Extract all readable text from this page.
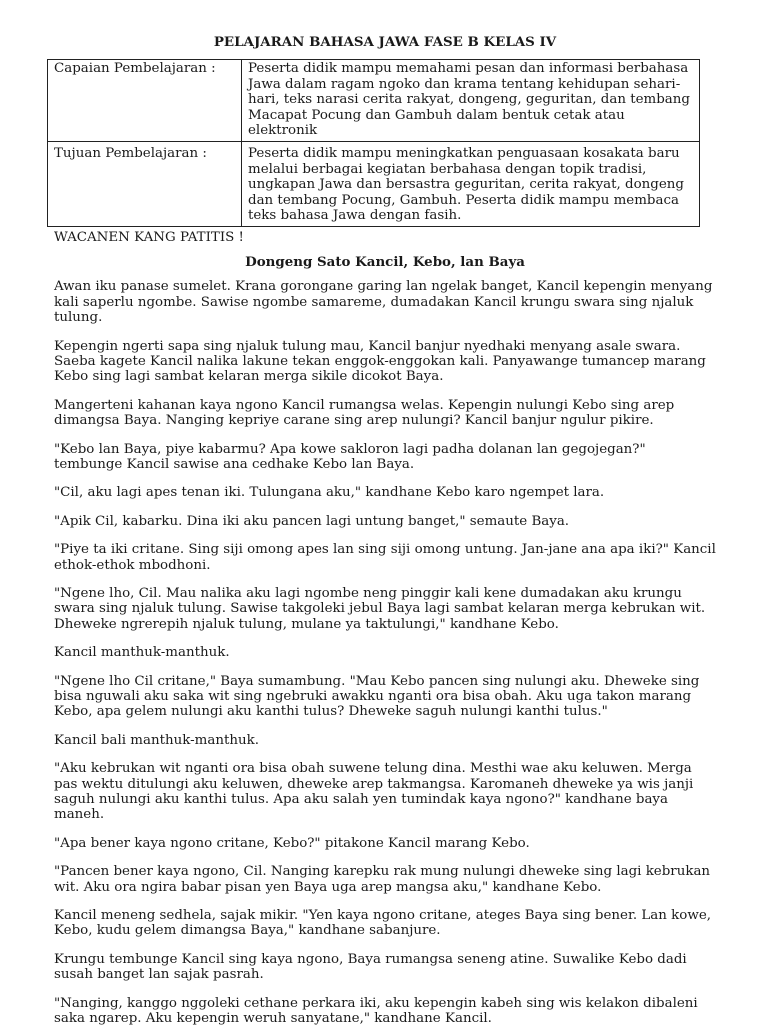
PELAJARAN BAHASA JAWA FASE B KELAS IV
Capaian Pembelajaran :	Peserta didik mampu memahami pesan dan informasi berbahasa Jawa dalam ragam ngoko dan krama tentang kehidupan sehari-hari, teks narasi cerita rakyat, dongeng, geguritan, dan tembang Macapat Pocung dan Gambuh dalam bentuk cetak atau elektronik
Tujuan Pembelajaran :	Peserta didik mampu meningkatkan penguasaan kosakata baru melalui berbagai kegiatan berbahasa dengan topik tradisi, ungkapan Jawa dan bersastra geguritan, cerita rakyat, dongeng dan tembang Pocung, Gambuh. Peserta didik mampu membaca teks bahasa Jawa dengan fasih.
WACANEN KANG PATITIS !
Dongeng Sato Kancil, Kebo, lan Baya

Awan iku panase sumelet. Krana gorongane garing lan ngelak banget, Kancil kepengin menyang kali saperlu ngombe. Sawise ngombe samareme, dumadakan Kancil krungu swara sing njaluk tulung.

Kepengin ngerti sapa sing njaluk tulung mau, Kancil banjur nyedhaki menyang asale swara. Saeba kagete Kancil nalika lakune tekan enggok-enggokan kali. Panyawange tumancep marang Kebo sing lagi sambat kelaran merga sikile dicokot Baya.

Mangerteni kahanan kaya ngono Kancil rumangsa welas. Kepengin nulungi Kebo sing arep dimangsa Baya. Nanging kepriye carane sing arep nulungi? Kancil banjur ngulur pikire.

"Kebo lan Baya, piye kabarmu? Apa kowe sakloron lagi padha dolanan lan gegojegan?" tembunge Kancil sawise ana cedhake Kebo lan Baya.

"Cil, aku lagi apes tenan iki. Tulungana aku," kandhane Kebo karo ngempet lara.

"Apik Cil, kabarku. Dina iki aku pancen lagi untung banget," semaute Baya.

"Piye ta iki critane. Sing siji omong apes lan sing siji omong untung. Jan-jane ana apa iki?" Kancil ethok-ethok mbodhoni.

"Ngene lho, Cil. Mau nalika aku lagi ngombe neng pinggir kali kene dumadakan aku krungu swara sing njaluk tulung. Sawise takgoleki jebul Baya lagi sambat kelaran merga kebrukan wit. Dheweke ngrerepih njaluk tulung, mulane ya taktulungi," kandhane Kebo.

Kancil manthuk-manthuk.

"Ngene lho Cil critane," Baya sumambung. "Mau Kebo pancen sing nulungi aku. Dheweke sing bisa nguwali aku saka wit sing ngebruki awakku nganti ora bisa obah. Aku uga takon marang Kebo, apa gelem nulungi aku kanthi tulus? Dheweke saguh nulungi kanthi tulus."

Kancil bali manthuk-manthuk.

"Aku kebrukan wit nganti ora bisa obah suwene telung dina. Mesthi wae aku keluwen. Merga pas wektu ditulungi aku keluwen, dheweke arep takmangsa. Karomaneh dheweke ya wis janji saguh nulungi aku kanthi tulus. Apa aku salah yen tumindak kaya ngono?" kandhane baya maneh.

"Apa bener kaya ngono critane, Kebo?" pitakone Kancil marang Kebo.

"Pancen bener kaya ngono, Cil. Nanging karepku rak mung nulungi dheweke sing lagi kebrukan wit. Aku ora ngira babar pisan yen Baya uga arep mangsa aku," kandhane Kebo.

Kancil meneng sedhela, sajak mikir. "Yen kaya ngono critane, ateges Baya sing bener. Lan kowe, Kebo, kudu gelem dimangsa Baya," kandhane sabanjure.

Krungu tembunge Kancil sing kaya ngono, Baya rumangsa seneng atine. Suwalike Kebo dadi susah banget lan sajak pasrah.

"Nanging, kanggo nggoleki cethane perkara iki, aku kepengin kabeh sing wis kelakon dibaleni saka ngarep. Aku kepengin weruh sanyatane," kandhane Kancil.
